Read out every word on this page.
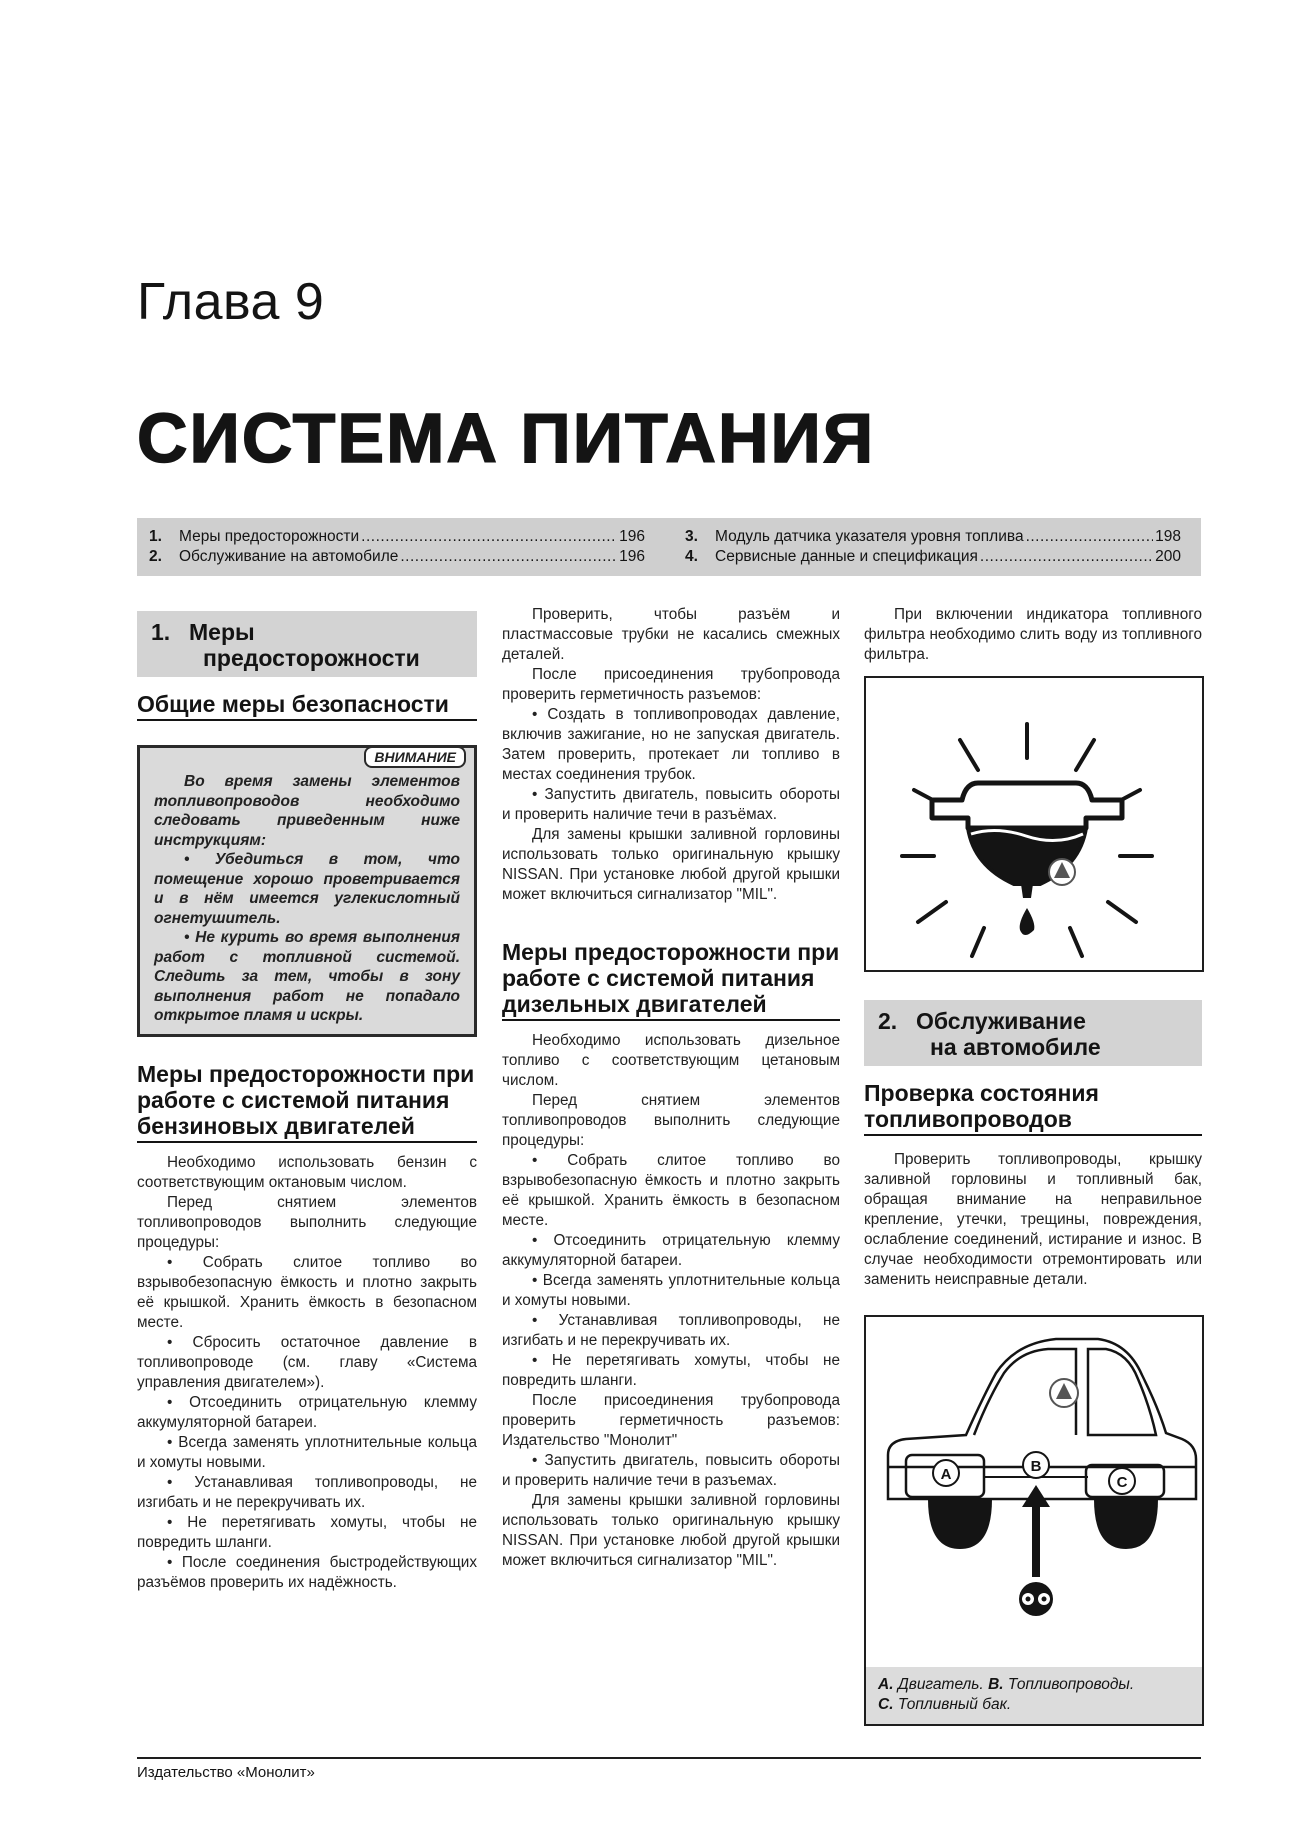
Глава 9
СИСТЕМА ПИТАНИЯ
1.	Меры предосторожности .....	196
2.	Обслуживание на автомобиле .....	196
3.	Модуль датчика указателя уровня топлива .....	198
4.	Сервисные данные и спецификация .....	200
1. Меры
предосторожности
Общие меры безопасности
ВНИМАНИЕ

Во время замены элементов топливопроводов необходимо следовать приведенным ниже инструкциям:

• Убедиться в том, что помещение хорошо проветривается и в нём имеется углекислотный огнетушитель.

• Не курить во время выполнения работ с топливной системой. Следить за тем, чтобы в зону выполнения работ не попадало открытое пламя и искры.

Меры предосторожности при работе с системой питания бензиновых двигателей

Необходимо использовать бензин с соответствующим октановым числом.

Перед снятием элементов топливопроводов выполнить следующие процедуры:

• Собрать слитое топливо во взрывобезопасную ёмкость и плотно закрыть её крышкой. Хранить ёмкость в безопасном месте.

• Сбросить остаточное давление в топливопроводе (см. главу «Система управления двигателем»).

• Отсоединить отрицательную клемму аккумуляторной батареи.

• Всегда заменять уплотнительные кольца и хомуты новыми.

• Устанавливая топливопроводы, не изгибать и не перекручивать их.

• Не перетягивать хомуты, чтобы не повредить шланги.

• После соединения быстродействующих разъёмов проверить их надёжность.

Проверить, чтобы разъём и пластмассовые трубки не касались смежных деталей.

После присоединения трубопровода проверить герметичность разъемов:

• Создать в топливопроводах давление, включив зажигание, но не запуская двигатель. Затем проверить, протекает ли топливо в местах соединения трубок.

• Запустить двигатель, повысить обороты и проверить наличие течи в разъёмах.

Для замены крышки заливной горловины использовать только оригинальную крышку NISSAN. При установке любой другой крышки может включиться сигнализатор "MIL".

Меры предосторожности при работе с системой питания дизельных двигателей

Необходимо использовать дизельное топливо с соответствующим цетановым числом.

Перед снятием элементов топливопроводов выполнить следующие процедуры:

• Собрать слитое топливо во взрывобезопасную ёмкость и плотно закрыть её крышкой. Хранить ёмкость в безопасном месте.

• Отсоединить отрицательную клемму аккумуляторной батареи.

• Всегда заменять уплотнительные кольца и хомуты новыми.

• Устанавливая топливопроводы, не изгибать и не перекручивать их.

• Не перетягивать хомуты, чтобы не повредить шланги.

После присоединения трубопровода проверить герметичность разъемов: Издательство "Монолит"

• Запустить двигатель, повысить обороты и проверить наличие течи в разъемах.

Для замены крышки заливной горловины использовать только оригинальную крышку NISSAN. При установке любой другой крышки может включиться сигнализатор "MIL".

При включении индикатора топливного фильтра необходимо слить воду из топливного фильтра.

2. Обслуживание
на автомобиле
Проверка состояния топливопроводов

Проверить топливопроводы, крышку заливной горловины и топливный бак, обращая внимание на неправильное крепление, утечки, трещины, повреждения, ослабление соединений, истирание и износ. В случае необходимости отремонтировать или заменить неисправные детали.

A	B
C
A. Двигатель. B. Топливопроводы.
C. Топливный бак.
Издательство «Монолит»
